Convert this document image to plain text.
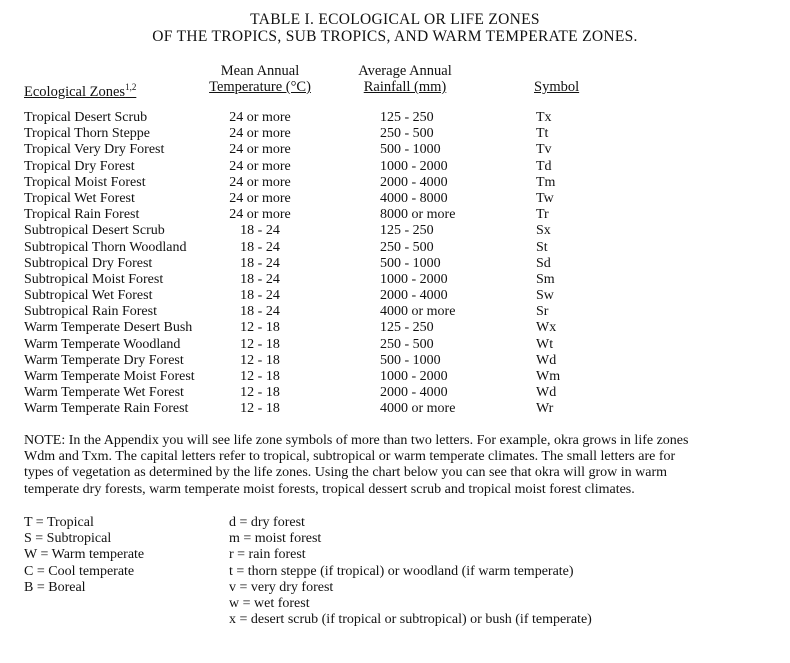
TABLE I. ECOLOGICAL OR LIFE ZONES
OF THE TROPICS, SUB TROPICS, AND WARM TEMPERATE ZONES.
Ecological Zones$^{1,2}$
Mean Annual
Temperature (°C)
Average Annual
Rainfall (mm)	Symbol
Tropical Desert Scrub	24 or more	125 - 250	Tx
Tropical Thorn Steppe	24 or more	250 - 500	Tt
Tropical Very Dry Forest	24 or more	500 - 1000	Tv
Tropical Dry Forest	24 or more	1000 - 2000	Td
Tropical Moist Forest	24 or more	2000 - 4000	Tm
Tropical Wet Forest	24 or more	4000 - 8000	Tw
Tropical Rain Forest	24 or more	8000 or more	Tr
Subtropical Desert Scrub	18 - 24	125 - 250	Sx
Subtropical Thorn Woodland	18 - 24	250 - 500	St
Subtropical Dry Forest	18 - 24	500 - 1000	Sd
Subtropical Moist Forest	18 - 24	1000 - 2000	Sm
Subtropical Wet Forest	18 - 24	2000 - 4000	Sw
Subtropical Rain Forest	18 - 24	4000 or more	Sr
Warm Temperate Desert Bush	12 - 18	125 - 250	Wx
Warm Temperate Woodland	12 - 18	250 - 500	Wt
Warm Temperate Dry Forest	12 - 18	500 - 1000	Wd
Warm Temperate Moist Forest	12 - 18	1000 - 2000	Wm
Warm Temperate Wet Forest	12 - 18	2000 - 4000	Wd
Warm Temperate Rain Forest	12 - 18	4000 or more	Wr
NOTE: In the Appendix you will see life zone symbols of more than two letters. For example, okra grows in life zones
Wdm and Txm. The capital letters refer to tropical, subtropical or warm temperate climates. The small letters are for
types of vegetation as determined by the life zones. Using the chart below you can see that okra will grow in warm
temperate dry forests, warm temperate moist forests, tropical dessert scrub and tropical moist forest climates.
T = Tropical
S = Subtropical
W = Warm temperate
C = Cool temperate
B = Boreal
d = dry forest
m = moist forest
r = rain forest
t = thorn steppe (if tropical) or woodland (if warm temperate)
v = very dry forest
w = wet forest
x = desert scrub (if tropical or subtropical) or bush (if temperate)
